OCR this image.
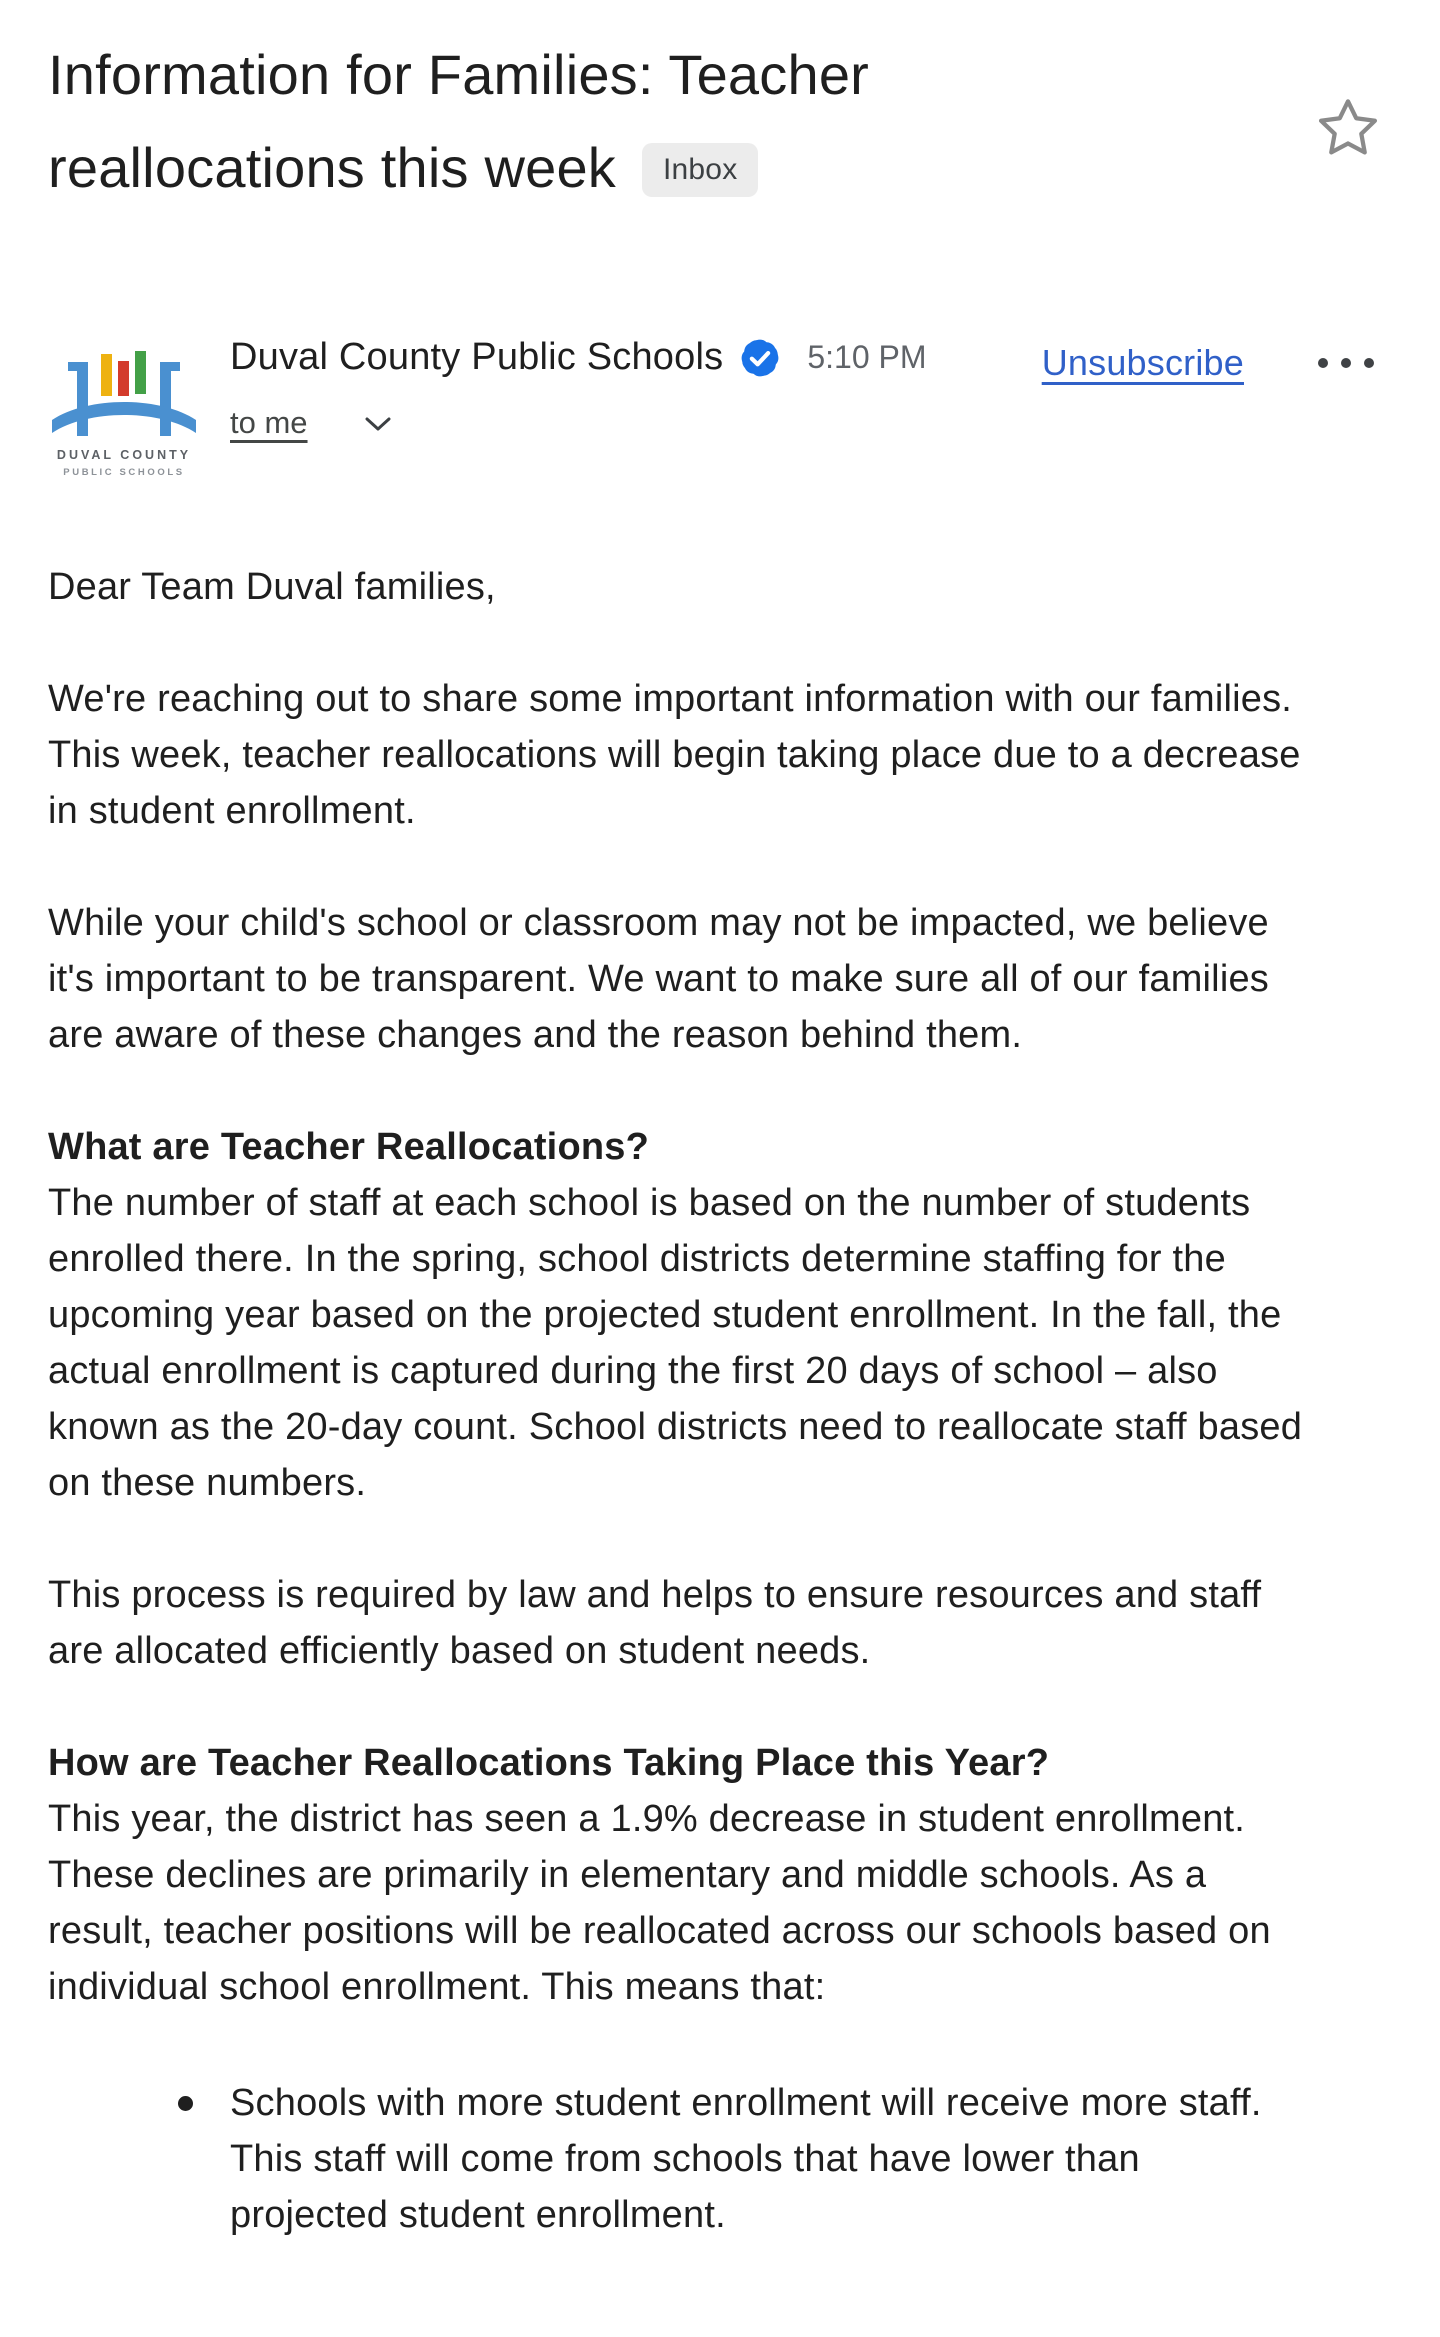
Information for Families: Teacher
reallocations this week Inbox
DUVAL COUNTY
PUBLIC SCHOOLS
Duval County Public Schools	5:10 PM
to me
Unsubscribe
Dear Team Duval families,
We're reaching out to share some important information with our families. This week, teacher reallocations will begin taking place due to a decrease in student enrollment.
While your child's school or classroom may not be impacted, we believe it's important to be transparent. We want to make sure all of our families are aware of these changes and the reason behind them.
What are Teacher Reallocations?
The number of staff at each school is based on the number of students enrolled there. In the spring, school districts determine staffing for the upcoming year based on the projected student enrollment. In the fall, the actual enrollment is captured during the first 20 days of school – also known as the 20-day count. School districts need to reallocate staff based on these numbers.
This process is required by law and helps to ensure resources and staff are allocated efficiently based on student needs.
How are Teacher Reallocations Taking Place this Year?
This year, the district has seen a 1.9% decrease in student enrollment. These declines are primarily in elementary and middle schools. As a result, teacher positions will be reallocated across our schools based on individual school enrollment. This means that:
Schools with more student enrollment will receive more staff. This staff will come from schools that have lower than projected student enrollment.
